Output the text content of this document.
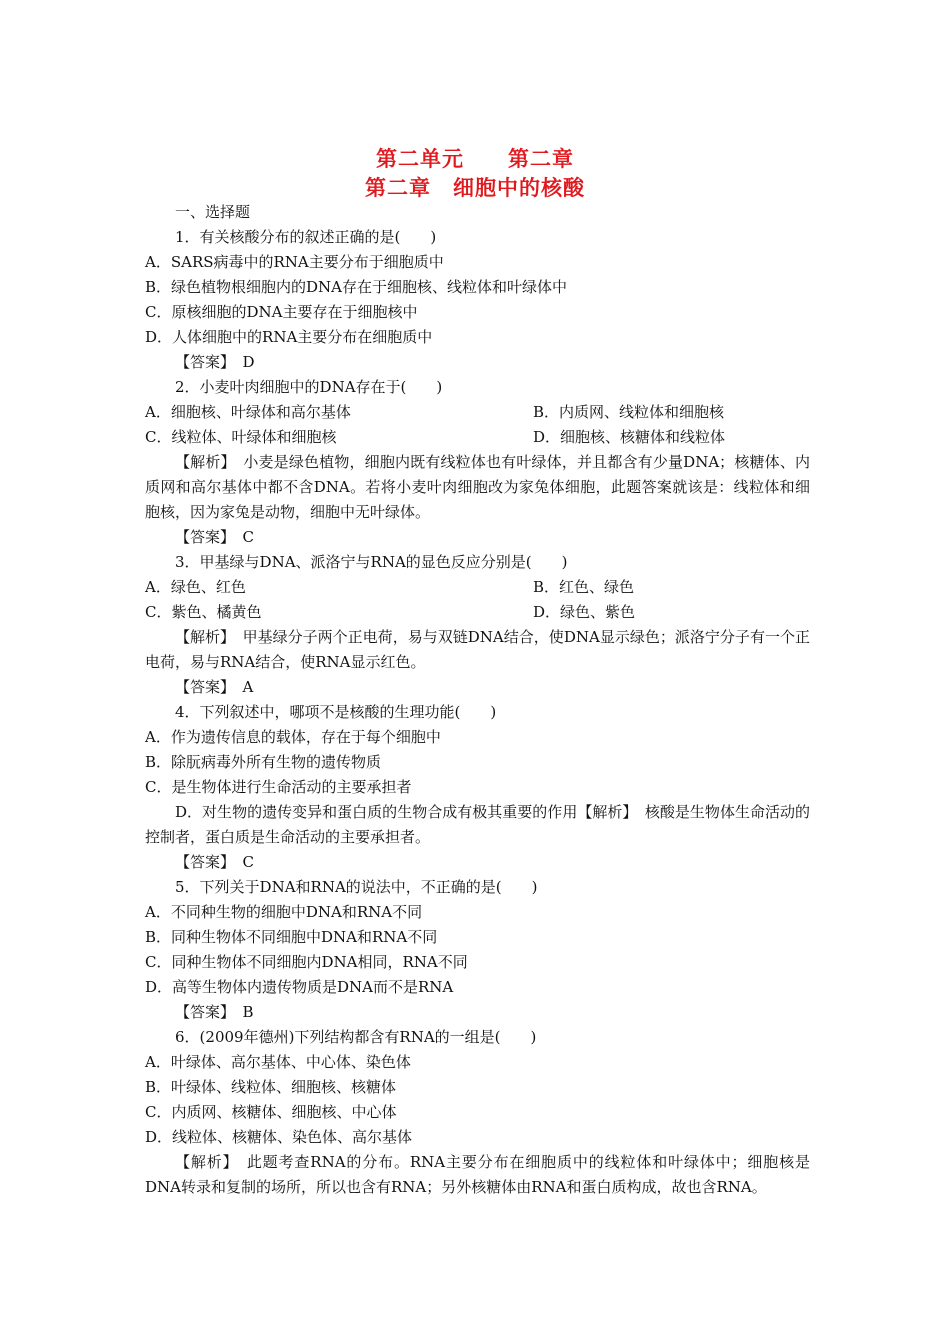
第二单元　　第二章
第二章　细胞中的核酸
一、选择题
1．有关核酸分布的叙述正确的是(　　)
A．SARS病毒中的RNA主要分布于细胞质中
B．绿色植物根细胞内的DNA存在于细胞核、线粒体和叶绿体中
C．原核细胞的DNA主要存在于细胞核中
D．人体细胞中的RNA主要分布在细胞质中
【答案】　D
2．小麦叶肉细胞中的DNA存在于(　　)
A．细胞核、叶绿体和高尔基体	B．内质网、线粒体和细胞核
C．线粒体、叶绿体和细胞核	D．细胞核、核糖体和线粒体
【解析】　小麦是绿色植物，细胞内既有线粒体也有叶绿体，并且都含有少量DNA；核糖体、内质网和高尔基体中都不含DNA。若将小麦叶肉细胞改为家兔体细胞，此题答案就该是：线粒体和细胞核，因为家兔是动物，细胞中无叶绿体。
【答案】　C
3．甲基绿与DNA、派洛宁与RNA的显色反应分别是(　　)
A．绿色、红色	B．红色、绿色
C．紫色、橘黄色	D．绿色、紫色
【解析】　甲基绿分子两个正电荷，易与双链DNA结合，使DNA显示绿色；派洛宁分子有一个正电荷，易与RNA结合，使RNA显示红色。
【答案】　A
4．下列叙述中，哪项不是核酸的生理功能(　　)
A．作为遗传信息的载体，存在于每个细胞中
B．除朊病毒外所有生物的遗传物质
C．是生物体进行生命活动的主要承担者
D．对生物的遗传变异和蛋白质的生物合成有极其重要的作用【解析】　核酸是生物体生命活动的控制者，蛋白质是生命活动的主要承担者。
【答案】　C
5．下列关于DNA和RNA的说法中，不正确的是(　　)
A．不同种生物的细胞中DNA和RNA不同
B．同种生物体不同细胞中DNA和RNA不同
C．同种生物体不同细胞内DNA相同，RNA不同
D．高等生物体内遗传物质是DNA而不是RNA
【答案】　B
6．(2009年德州)下列结构都含有RNA的一组是(　　)
A．叶绿体、高尔基体、中心体、染色体
B．叶绿体、线粒体、细胞核、核糖体
C．内质网、核糖体、细胞核、中心体
D．线粒体、核糖体、染色体、高尔基体
【解析】　此题考查RNA的分布。RNA主要分布在细胞质中的线粒体和叶绿体中；细胞核是DNA转录和复制的场所，所以也含有RNA；另外核糖体由RNA和蛋白质构成，故也含RNA。
